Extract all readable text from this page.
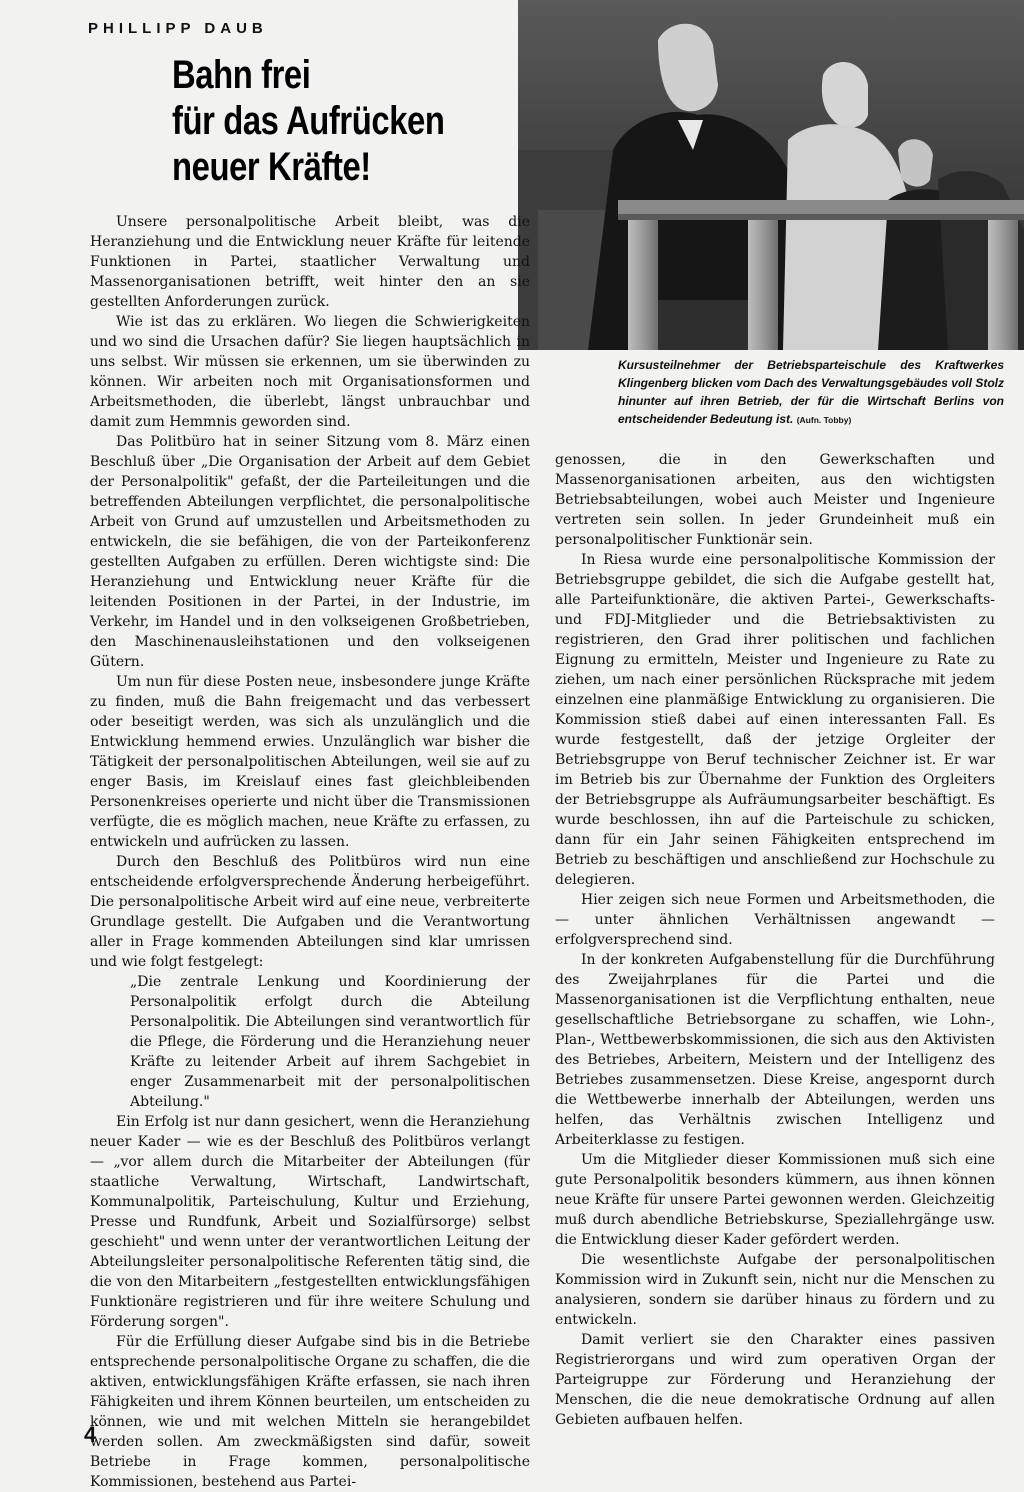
PHILLIPP DAUB
Bahn frei
für das Aufrücken
neuer Kräfte!
Kursusteilnehmer der Betriebsparteischule des Kraftwerkes Klingenberg blicken vom Dach des Verwaltungsgebäudes voll Stolz hinunter auf ihren Betrieb, der für die Wirtschaft Berlins von entscheidender Bedeutung ist. (Aufn. Tobby)

Unsere personalpolitische Arbeit bleibt, was die Heranziehung und die Entwicklung neuer Kräfte für leitende Funktionen in Partei, staatlicher Verwaltung und Massenorganisationen betrifft, weit hinter den an sie gestellten Anforderungen zurück.

Wie ist das zu erklären. Wo liegen die Schwierigkeiten und wo sind die Ursachen dafür? Sie liegen hauptsächlich in uns selbst. Wir müssen sie erkennen, um sie überwinden zu können. Wir arbeiten noch mit Organisationsformen und Arbeitsmethoden, die überlebt, längst unbrauchbar und damit zum Hemmnis geworden sind.

Das Politbüro hat in seiner Sitzung vom 8. März einen Beschluß über „Die Organisation der Arbeit auf dem Gebiet der Personalpolitik" gefaßt, der die Parteileitungen und die betreffenden Abteilungen verpflichtet, die personalpolitische Arbeit von Grund auf umzustellen und Arbeitsmethoden zu entwickeln, die sie befähigen, die von der Parteikonferenz gestellten Aufgaben zu erfüllen. Deren wichtigste sind: Die Heranziehung und Entwicklung neuer Kräfte für die leitenden Positionen in der Partei, in der Industrie, im Verkehr, im Handel und in den volkseigenen Großbetrieben, den Maschinenausleihstationen und den volkseigenen Gütern.

Um nun für diese Posten neue, insbesondere junge Kräfte zu finden, muß die Bahn freigemacht und das verbessert oder beseitigt werden, was sich als unzulänglich und die Entwicklung hemmend erwies. Unzulänglich war bisher die Tätigkeit der personalpolitischen Abteilungen, weil sie auf zu enger Basis, im Kreislauf eines fast gleichbleibenden Personenkreises operierte und nicht über die Transmissionen verfügte, die es möglich machen, neue Kräfte zu erfassen, zu entwickeln und aufrücken zu lassen.

Durch den Beschluß des Politbüros wird nun eine entscheidende erfolgversprechende Änderung herbeigeführt. Die personalpolitische Arbeit wird auf eine neue, verbreiterte Grundlage gestellt. Die Aufgaben und die Verantwortung aller in Frage kommenden Abteilungen sind klar umrissen und wie folgt festgelegt:

„Die zentrale Lenkung und Koordinierung der Personalpolitik erfolgt durch die Abteilung Personalpolitik. Die Abteilungen sind verantwortlich für die Pflege, die Förderung und die Heranziehung neuer Kräfte zu leitender Arbeit auf ihrem Sachgebiet in enger Zusammenarbeit mit der personalpolitischen Abteilung."

Ein Erfolg ist nur dann gesichert, wenn die Heranziehung neuer Kader — wie es der Beschluß des Politbüros verlangt — „vor allem durch die Mitarbeiter der Abteilungen (für staatliche Verwaltung, Wirtschaft, Landwirtschaft, Kommunalpolitik, Parteischulung, Kultur und Erziehung, Presse und Rundfunk, Arbeit und Sozialfürsorge) selbst geschieht" und wenn unter der verantwortlichen Leitung der Abteilungsleiter personalpolitische Referenten tätig sind, die die von den Mitarbeitern „festgestellten entwicklungsfähigen Funktionäre registrieren und für ihre weitere Schulung und Förderung sorgen".

Für die Erfüllung dieser Aufgabe sind bis in die Betriebe entsprechende personalpolitische Organe zu schaffen, die die aktiven, entwicklungsfähigen Kräfte erfassen, sie nach ihren Fähigkeiten und ihrem Können beurteilen, um entscheiden zu können, wie und mit welchen Mitteln sie herangebildet werden sollen. Am zweckmäßigsten sind dafür, soweit Betriebe in Frage kommen, personalpolitische Kommissionen, bestehend aus Partei-

genossen, die in den Gewerkschaften und Massenorganisationen arbeiten, aus den wichtigsten Betriebsabteilungen, wobei auch Meister und Ingenieure vertreten sein sollen. In jeder Grundeinheit muß ein personalpolitischer Funktionär sein.

In Riesa wurde eine personalpolitische Kommission der Betriebsgruppe gebildet, die sich die Aufgabe gestellt hat, alle Parteifunktionäre, die aktiven Partei-, Gewerkschafts- und FDJ-Mitglieder und die Betriebsaktivisten zu registrieren, den Grad ihrer politischen und fachlichen Eignung zu ermitteln, Meister und Ingenieure zu Rate zu ziehen, um nach einer persönlichen Rücksprache mit jedem einzelnen eine planmäßige Entwicklung zu organisieren. Die Kommission stieß dabei auf einen interessanten Fall. Es wurde festgestellt, daß der jetzige Orgleiter der Betriebsgruppe von Beruf technischer Zeichner ist. Er war im Betrieb bis zur Übernahme der Funktion des Orgleiters der Betriebsgruppe als Aufräumungsarbeiter beschäftigt. Es wurde beschlossen, ihn auf die Parteischule zu schicken, dann für ein Jahr seinen Fähigkeiten entsprechend im Betrieb zu beschäftigen und anschließend zur Hochschule zu delegieren.

Hier zeigen sich neue Formen und Arbeitsmethoden, die — unter ähnlichen Verhältnissen angewandt — erfolgversprechend sind.

In der konkreten Aufgabenstellung für die Durchführung des Zweijahrplanes für die Partei und die Massenorganisationen ist die Verpflichtung enthalten, neue gesellschaftliche Betriebsorgane zu schaffen, wie Lohn-, Plan-, Wettbewerbskommissionen, die sich aus den Aktivisten des Betriebes, Arbeitern, Meistern und der Intelligenz des Betriebes zusammensetzen. Diese Kreise, angespornt durch die Wettbewerbe innerhalb der Abteilungen, werden uns helfen, das Verhältnis zwischen Intelligenz und Arbeiterklasse zu festigen.

Um die Mitglieder dieser Kommissionen muß sich eine gute Personalpolitik besonders kümmern, aus ihnen können neue Kräfte für unsere Partei gewonnen werden. Gleichzeitig muß durch abendliche Betriebskurse, Speziallehrgänge usw. die Entwicklung dieser Kader gefördert werden.

Die wesentlichste Aufgabe der personalpolitischen Kommission wird in Zukunft sein, nicht nur die Menschen zu analysieren, sondern sie darüber hinaus zu fördern und zu entwickeln.

Damit verliert sie den Charakter eines passiven Registrierorgans und wird zum operativen Organ der Parteigruppe zur Förderung und Heranziehung der Menschen, die die neue demokratische Ordnung auf allen Gebieten aufbauen helfen.

4
